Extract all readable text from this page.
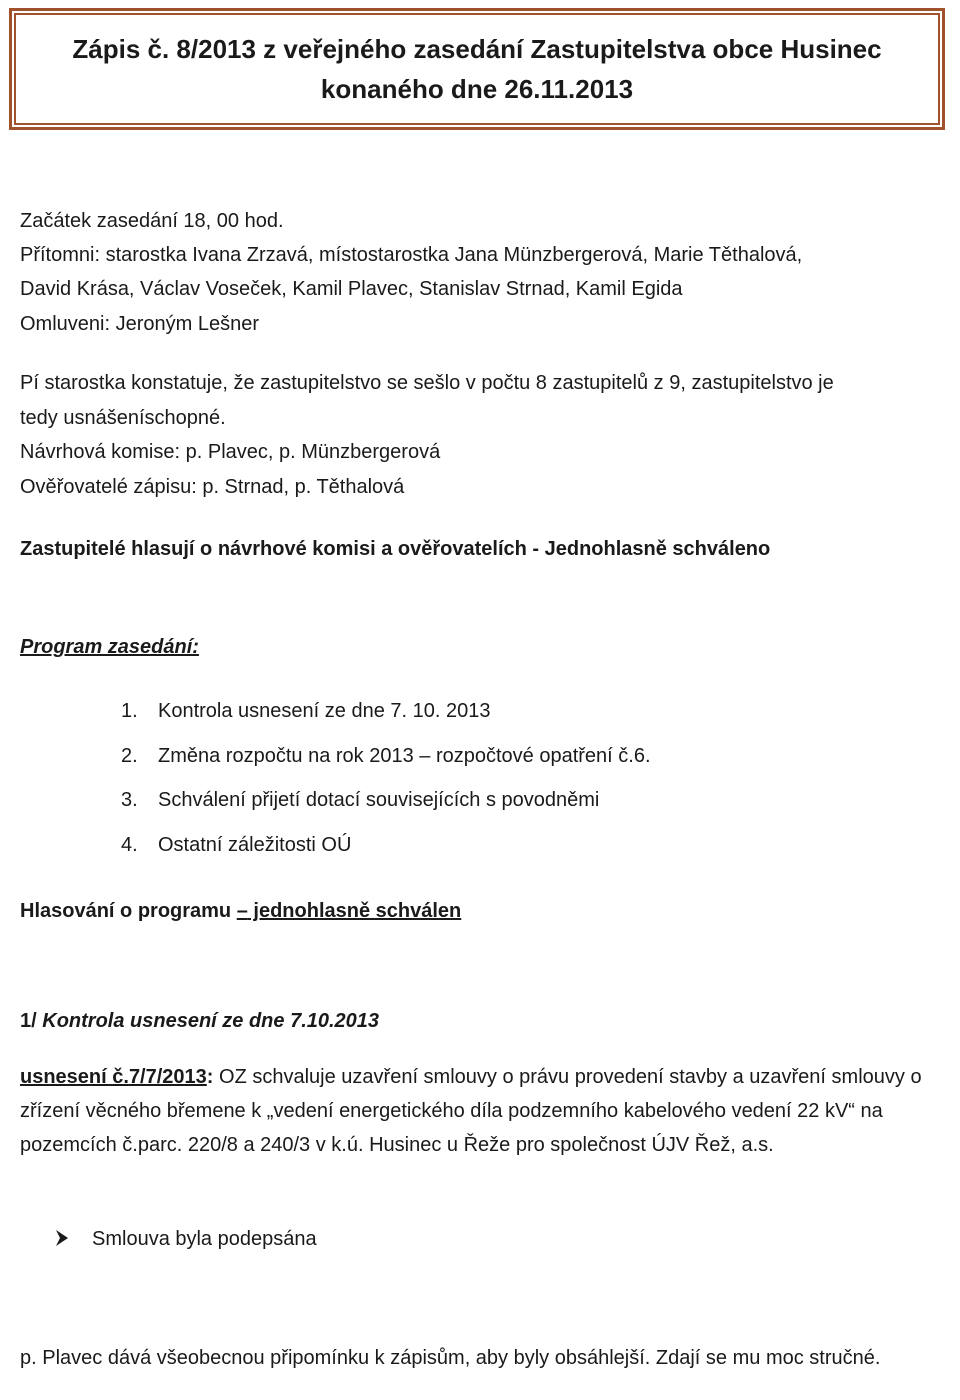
Zápis č. 8/2013 z veřejného zasedání Zastupitelstva obce Husinec
konaného dne 26.11.2013
Začátek zasedání 18, 00 hod.
Přítomni: starostka Ivana Zrzavá, místostarostka Jana Münzbergerová, Marie Těthalová,
David Krása, Václav Voseček, Kamil Plavec, Stanislav Strnad, Kamil Egida
Omluveni: Jeroným Lešner
Pí starostka konstatuje, že zastupitelstvo se sešlo v počtu 8 zastupitelů z 9, zastupitelstvo je
tedy usnášeníschopné.
Návrhová komise: p. Plavec, p. Münzbergerová
Ověřovatelé zápisu: p. Strnad, p. Těthalová
Zastupitelé hlasují o návrhové komisi a ověřovatelích - Jednohlasně schváleno
Program zasedání:
1. Kontrola usnesení ze dne 7. 10. 2013
2. Změna rozpočtu na rok 2013 – rozpočtové opatření č.6.
3. Schválení přijetí dotací souvisejících s povodněmi
4. Ostatní záležitosti OÚ
Hlasování o programu – jednohlasně schválen
1/ Kontrola usnesení ze dne 7.10.2013
usnesení č.7/7/2013: OZ schvaluje uzavření smlouvy o právu provedení stavby a uzavření smlouvy o zřízení věcného břemene k „vedení energetického díla podzemního kabelového vedení 22 kV“ na pozemcích č.parc. 220/8 a 240/3 v k.ú. Husinec u Řeže pro společnost ÚJV Řež, a.s.
Smlouva byla podepsána
p. Plavec dává všeobecnou připomínku k zápisům, aby byly obsáhlejší. Zdají se mu moc stručné.
